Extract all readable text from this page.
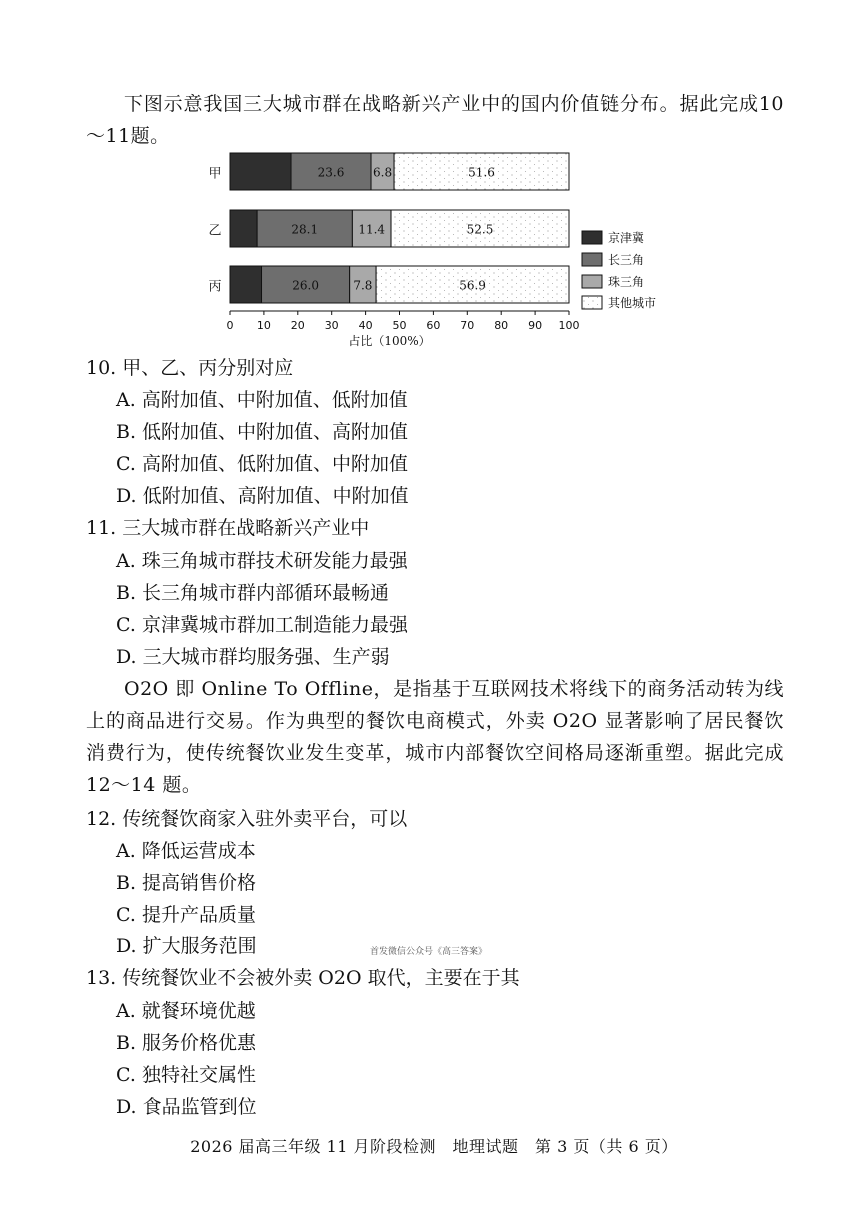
下图示意我国三大城市群在战略新兴产业中的国内价值链分布。据此完成10～11题。

甲	23.6 6.8	51.6
乙	28.1	11.4	52.5
丙	26.0	7.8	56.9
0 10 20 30 40 50 60 70 80 90 100
占比（100%）
京津冀
长三角
珠三角
其他城市

10. 甲、乙、丙分别对应

A. 高附加值、中附加值、低附加值

B. 低附加值、中附加值、高附加值

C. 高附加值、低附加值、中附加值

D. 低附加值、高附加值、中附加值

11. 三大城市群在战略新兴产业中

A. 珠三角城市群技术研发能力最强

B. 长三角城市群内部循环最畅通

C. 京津冀城市群加工制造能力最强

D. 三大城市群均服务强、生产弱

O2O 即 Online To Offline，是指基于互联网技术将线下的商务活动转为线上的商品进行交易。作为典型的餐饮电商模式，外卖 O2O 显著影响了居民餐饮消费行为，使传统餐饮业发生变革，城市内部餐饮空间格局逐渐重塑。据此完成 12～14 题。

12. 传统餐饮商家入驻外卖平台，可以

A. 降低运营成本

B. 提高销售价格

C. 提升产品质量

D. 扩大服务范围	首发微信公众号《高三答案》

13. 传统餐饮业不会被外卖 O2O 取代，主要在于其

A. 就餐环境优越

B. 服务价格优惠

C. 独特社交属性

D. 食品监管到位

2026 届高三年级 11 月阶段检测　地理试题　第 3 页（共 6 页）
